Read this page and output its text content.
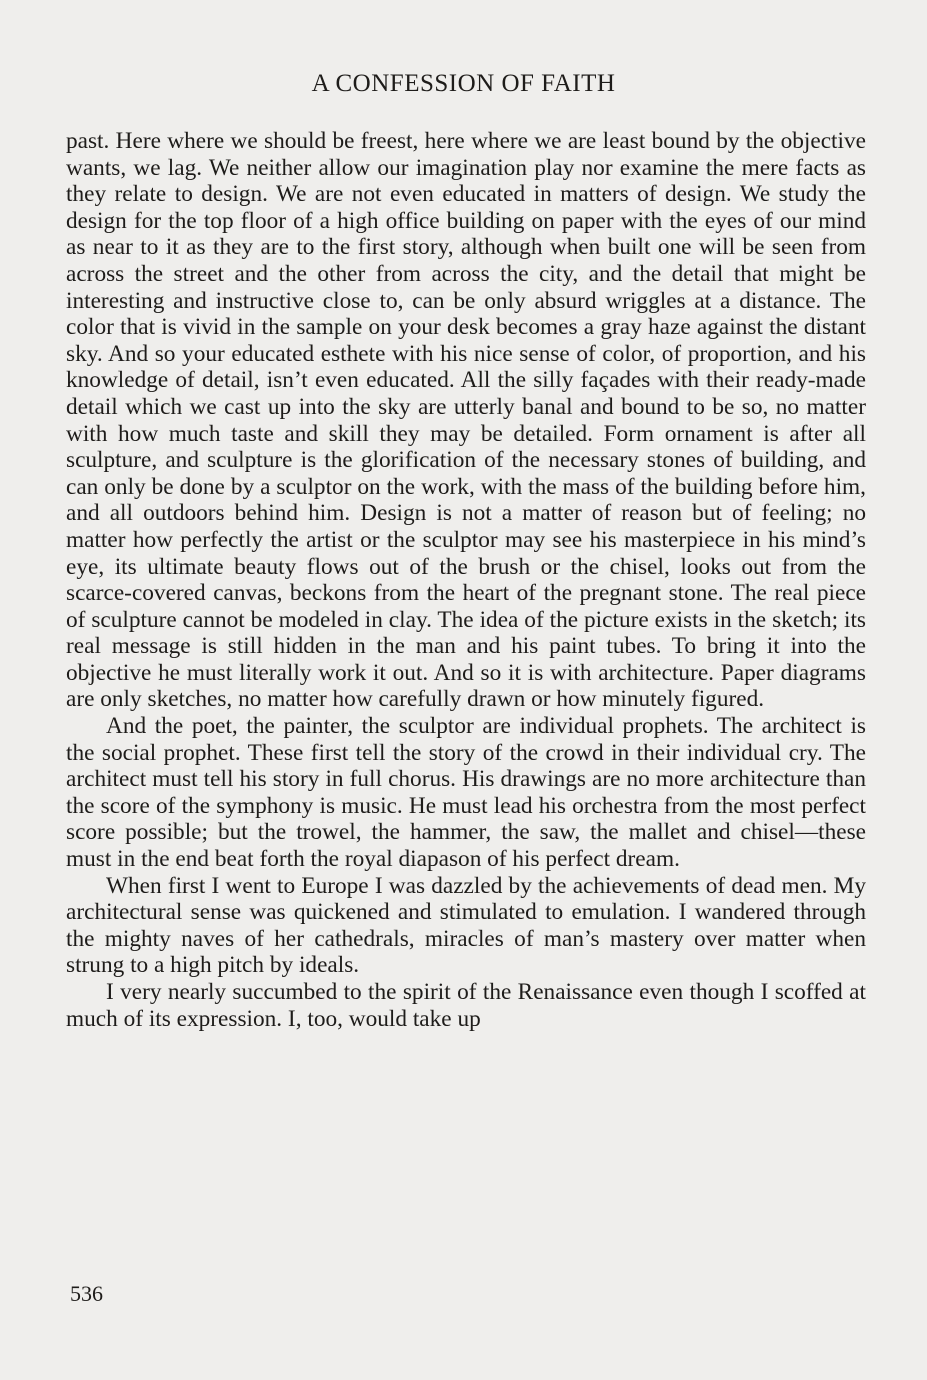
A CONFESSION OF FAITH

past. Here where we should be freest, here where we are least bound by the objective wants, we lag. We neither allow our imagination play nor examine the mere facts as they relate to design. We are not even educated in matters of design. We study the design for the top floor of a high office building on paper with the eyes of our mind as near to it as they are to the first story, although when built one will be seen from across the street and the other from across the city, and the detail that might be interesting and instructive close to, can be only absurd wriggles at a distance. The color that is vivid in the sample on your desk becomes a gray haze against the distant sky. And so your educated esthete with his nice sense of color, of proportion, and his knowledge of detail, isn’t even educated. All the silly façades with their ready-made detail which we cast up into the sky are utterly banal and bound to be so, no matter with how much taste and skill they may be detailed. Form ornament is after all sculpture, and sculpture is the glorification of the necessary stones of building, and can only be done by a sculptor on the work, with the mass of the building before him, and all outdoors behind him. Design is not a matter of reason but of feeling; no matter how perfectly the artist or the sculptor may see his masterpiece in his mind’s eye, its ultimate beauty flows out of the brush or the chisel, looks out from the scarce-covered canvas, beckons from the heart of the pregnant stone. The real piece of sculpture cannot be modeled in clay. The idea of the picture exists in the sketch; its real message is still hidden in the man and his paint tubes. To bring it into the objective he must literally work it out. And so it is with architecture. Paper diagrams are only sketches, no matter how carefully drawn or how minutely figured.

And the poet, the painter, the sculptor are individual prophets. The architect is the social prophet. These first tell the story of the crowd in their individual cry. The architect must tell his story in full chorus. His drawings are no more architecture than the score of the symphony is music. He must lead his orchestra from the most perfect score possible; but the trowel, the hammer, the saw, the mallet and chisel—these must in the end beat forth the royal diapason of his perfect dream.

When first I went to Europe I was dazzled by the achievements of dead men. My architectural sense was quickened and stimulated to emulation. I wandered through the mighty naves of her cathedrals, miracles of man’s mastery over matter when strung to a high pitch by ideals.

I very nearly succumbed to the spirit of the Renaissance even though I scoffed at much of its expression. I, too, would take up

536
